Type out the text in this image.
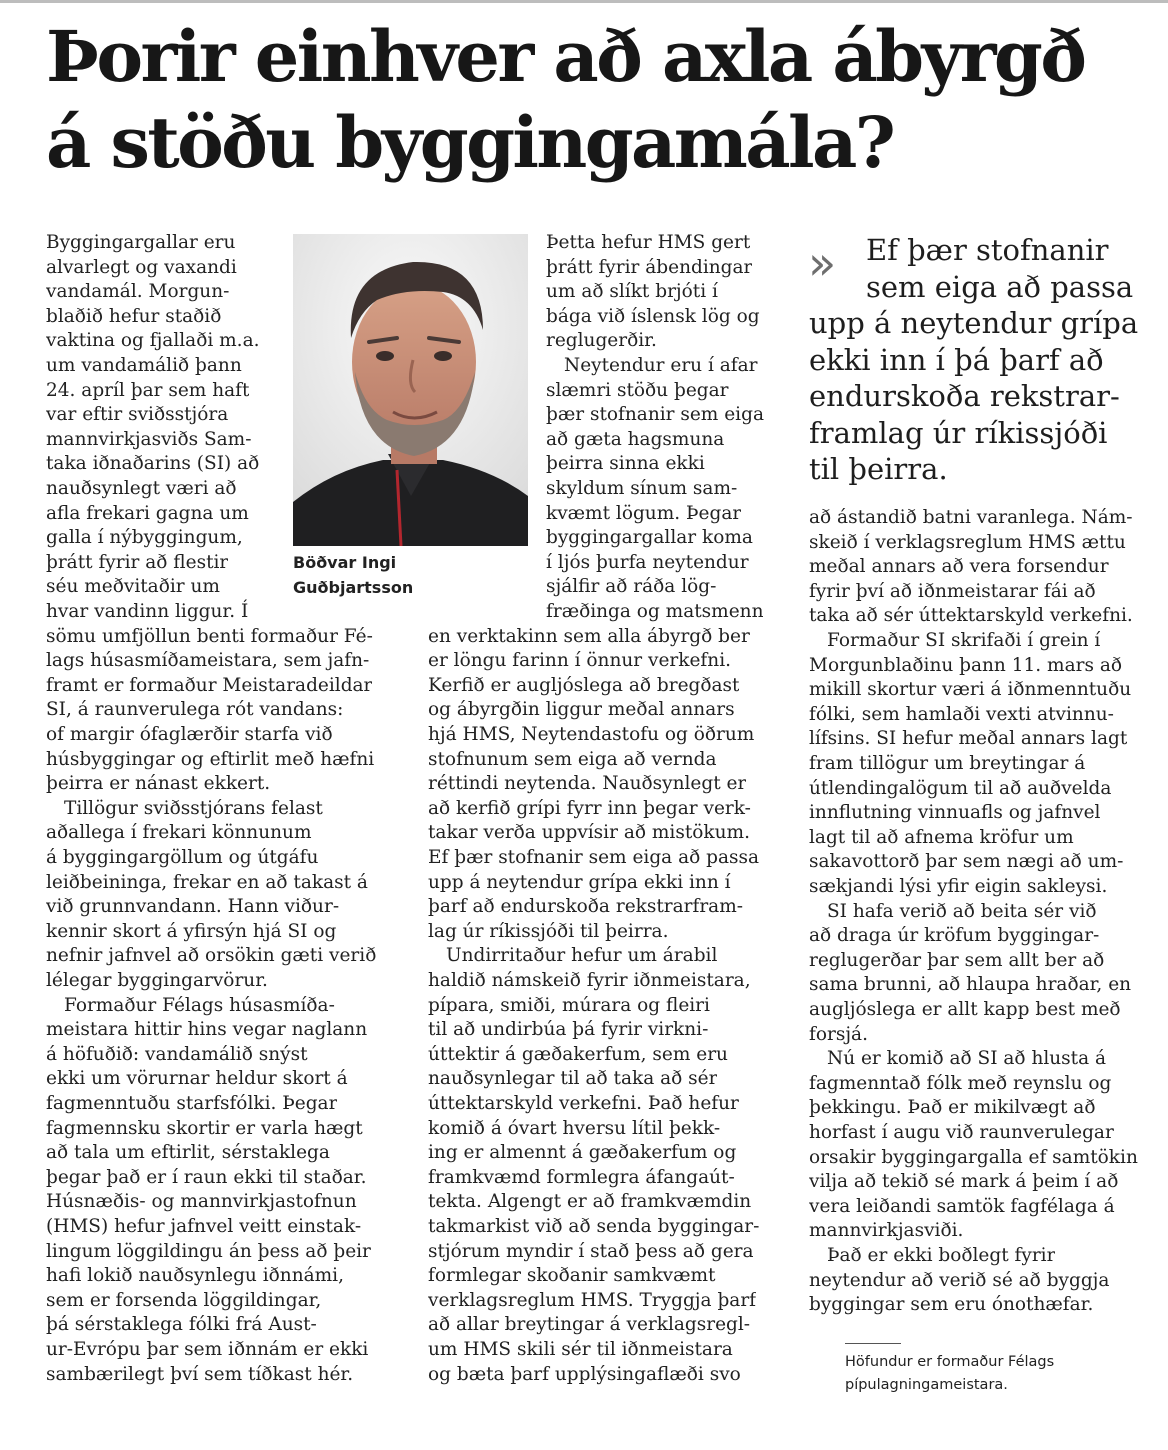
Þorir einhver að axla ábyrgð
á stöðu byggingamála?
Byggingargallar eru
alvarlegt og vaxandi
vandamál. Morgun-
blaðið hefur staðið
vaktina og fjallaði m.a.
um vandamálið þann
24. apríl þar sem haft
var eftir sviðsstjóra
mannvirkjasviðs Sam-
taka iðnaðarins (SI) að
nauðsynlegt væri að
afla frekari gagna um
galla í nýbyggingum,
þrátt fyrir að flestir
séu meðvitaðir um
hvar vandinn liggur. Í
sömu umfjöllun benti formaður Fé-
lags húsasmíðameistara, sem jafn-
framt er formaður Meistaradeildar
SI, á raunverulega rót vandans:
of margir ófaglærðir starfa við
húsbyggingar og eftirlit með hæfni
þeirra er nánast ekkert.
Tillögur sviðsstjórans felast
aðallega í frekari könnunum
á byggingargöllum og útgáfu
leiðbeininga, frekar en að takast á
við grunnvandann. Hann viður-
kennir skort á yfirsýn hjá SI og
nefnir jafnvel að orsökin gæti verið
lélegar byggingarvörur.
Formaður Félags húsasmíða-
meistara hittir hins vegar naglann
á höfuðið: vandamálið snýst
ekki um vörurnar heldur skort á
fagmenntuðu starfsfólki. Þegar
fagmennsku skortir er varla hægt
að tala um eftirlit, sérstaklega
þegar það er í raun ekki til staðar.
Húsnæðis- og mannvirkjastofnun
(HMS) hefur jafnvel veitt einstak-
lingum löggildingu án þess að þeir
hafi lokið nauðsynlegu iðnnámi,
sem er forsenda löggildingar,
þá sérstaklega fólki frá Aust-
ur-Evrópu þar sem iðnnám er ekki
sambærilegt því sem tíðkast hér.
Böðvar Ingi
Guðbjartsson
Þetta hefur HMS gert
þrátt fyrir ábendingar
um að slíkt brjóti í
bága við íslensk lög og
reglugerðir.
Neytendur eru í afar
slæmri stöðu þegar
þær stofnanir sem eiga
að gæta hagsmuna
þeirra sinna ekki
skyldum sínum sam-
kvæmt lögum. Þegar
byggingargallar koma
í ljós þurfa neytendur
sjálfir að ráða lög-
fræðinga og matsmenn
en verktakinn sem alla ábyrgð ber
er löngu farinn í önnur verkefni.
Kerfið er augljóslega að bregðast
og ábyrgðin liggur meðal annars
hjá HMS, Neytendastofu og öðrum
stofnunum sem eiga að vernda
réttindi neytenda. Nauðsynlegt er
að kerfið grípi fyrr inn þegar verk-
takar verða uppvísir að mistökum.
Ef þær stofnanir sem eiga að passa
upp á neytendur grípa ekki inn í
þarf að endurskoða rekstrarfram-
lag úr ríkissjóði til þeirra.
Undirritaður hefur um árabil
haldið námskeið fyrir iðnmeistara,
pípara, smiði, múrara og fleiri
til að undirbúa þá fyrir virkni-
úttektir á gæðakerfum, sem eru
nauðsynlegar til að taka að sér
úttektarskyld verkefni. Það hefur
komið á óvart hversu lítil þekk-
ing er almennt á gæðakerfum og
framkvæmd formlegra áfangaút-
tekta. Algengt er að framkvæmdin
takmarkist við að senda byggingar-
stjórum myndir í stað þess að gera
formlegar skoðanir samkvæmt
verklagsreglum HMS. Tryggja þarf
að allar breytingar á verklagsregl-
um HMS skili sér til iðnmeistara
og bæta þarf upplýsingaflæði svo
» Ef þær stofnanir
sem eiga að passa
upp á neytendur grípa
ekki inn í þá þarf að
endurskoða rekstrar-
framlag úr ríkissjóði
til þeirra.
að ástandið batni varanlega. Nám-
skeið í verklagsreglum HMS ættu
meðal annars að vera forsendur
fyrir því að iðnmeistarar fái að
taka að sér úttektarskyld verkefni.
Formaður SI skrifaði í grein í
Morgunblaðinu þann 11. mars að
mikill skortur væri á iðnmenntuðu
fólki, sem hamlaði vexti atvinnu-
lífsins. SI hefur meðal annars lagt
fram tillögur um breytingar á
útlendingalögum til að auðvelda
innflutning vinnuafls og jafnvel
lagt til að afnema kröfur um
sakavottorð þar sem nægi að um-
sækjandi lýsi yfir eigin sakleysi.
SI hafa verið að beita sér við
að draga úr kröfum byggingar-
reglugerðar þar sem allt ber að
sama brunni, að hlaupa hraðar, en
augljóslega er allt kapp best með
forsjá.
Nú er komið að SI að hlusta á
fagmenntað fólk með reynslu og
þekkingu. Það er mikilvægt að
horfast í augu við raunverulegar
orsakir byggingargalla ef samtökin
vilja að tekið sé mark á þeim í að
vera leiðandi samtök fagfélaga á
mannvirkjasviði.
Það er ekki boðlegt fyrir
neytendur að verið sé að byggja
byggingar sem eru ónothæfar.
Höfundur er formaður Félags
pípulagningameistara.
